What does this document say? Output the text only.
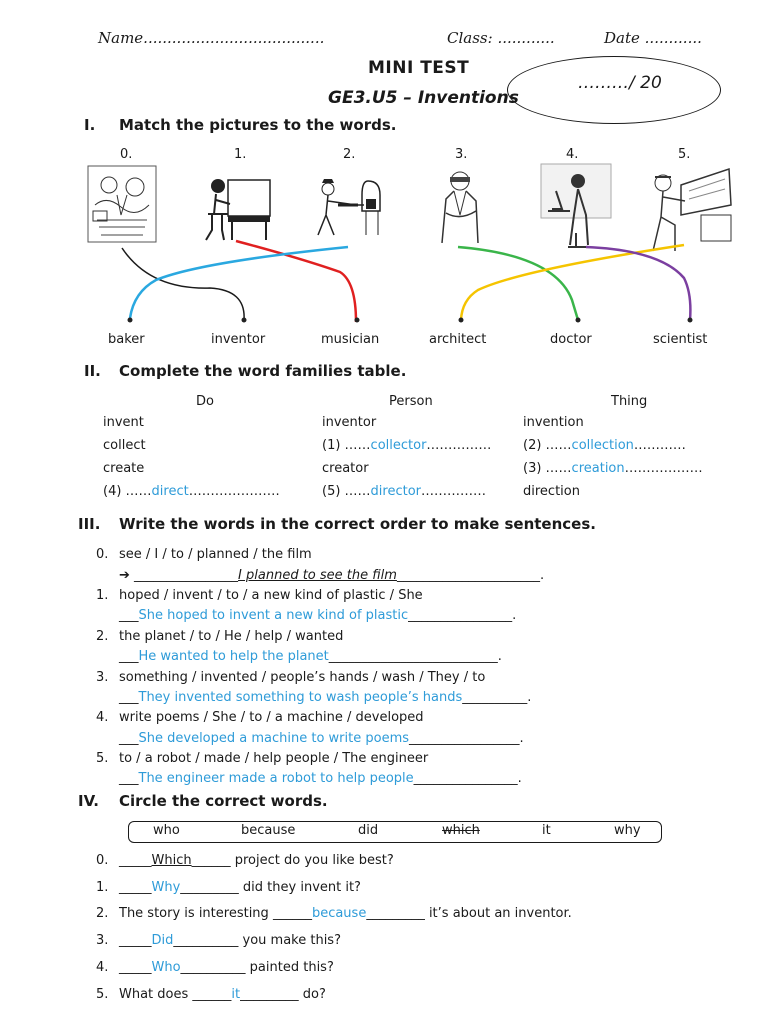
Name......................................	Class: ............	Date ............
MINI TEST
GE3.U5 – Inventions
………/ 20
I. Match the pictures to the words.
0.	1.	2.	3.	4.	5.
baker	inventor	musician	architect	doctor	scientist
II. Complete the word families table.
Do	Person	Thing
invent	inventor	invention
collect	(1) ……collector…………… (2) ……collection…………
create	creator	(3) ……creation………………
(4) ……direct…………………	(5) ……director……………	direction
III. Write the words in the correct order to make sentences.
0. see / I / to / planned / the film
➔ ________________I planned to see the film______________________.
1. hoped / invent / to / a new kind of plastic / She
___She hoped to invent a new kind of plastic________________.
2. the planet / to / He / help / wanted
___He wanted to help the planet__________________________.
3. something / invented / people’s hands / wash / They / to
___They invented something to wash people’s hands__________.
4. write poems / She / to / a machine / developed
___She developed a machine to write poems_________________.
5. to / a robot / made / help people / The engineer
___The engineer made a robot to help people________________.
IV. Circle the correct words.
who	because	did	which	it	why
0. _____Which______ project do you like best?
1. _____Why_________ did they invent it?
2. The story is interesting ______because_________ it’s about an inventor.
3. _____Did__________ you make this?
4. _____Who__________ painted this?
5. What does ______it_________ do?
